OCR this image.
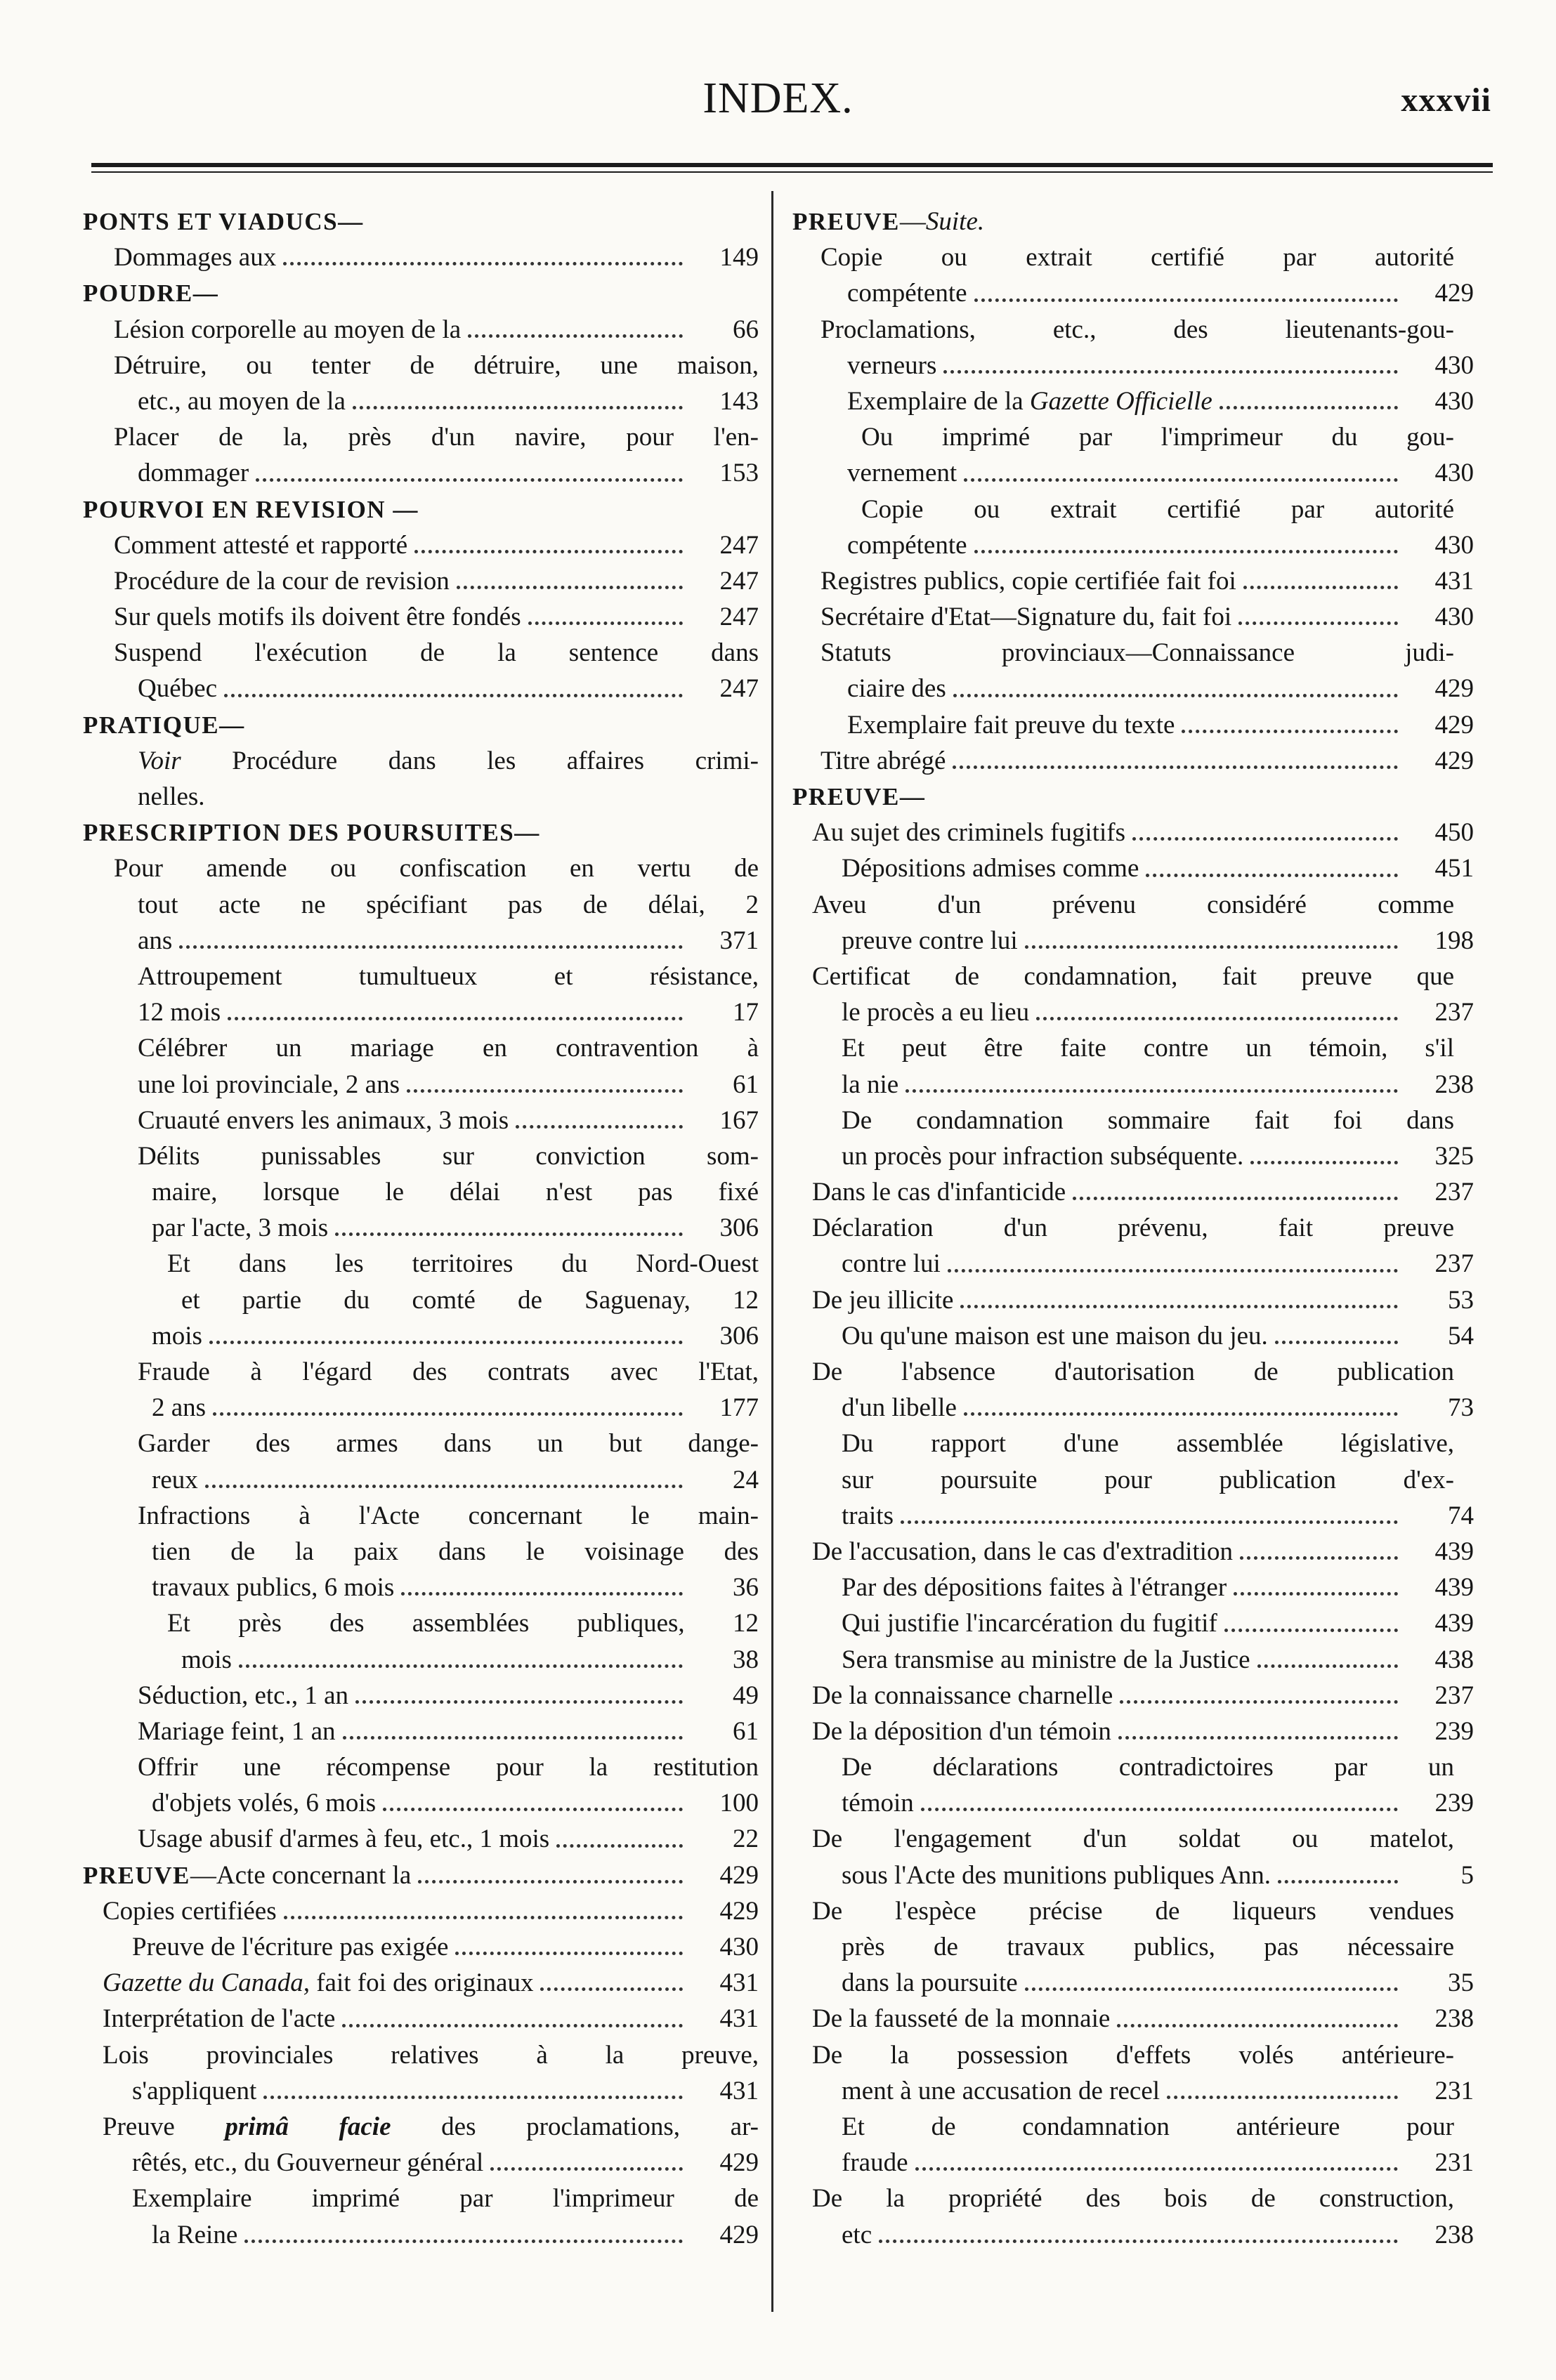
INDEX.	xxxvii
PONTS ET VIADUCS—
Dommages aux	149
POUDRE—
Lésion corporelle au moyen de la	66
Détruire, ou tenter de détruire, une maison,
etc., au moyen de la	143
Placer de la, près d'un navire, pour l'en-
dommager	153
POURVOI EN REVISION —
Comment attesté et rapporté	247
Procédure de la cour de revision	247
Sur quels motifs ils doivent être fondés	247
Suspend l'exécution de la sentence dans
Québec	247
PRATIQUE—
Voir Procédure dans les affaires crimi-
nelles.
PRESCRIPTION DES POURSUITES—
Pour amende ou confiscation en vertu de
tout acte ne spécifiant pas de délai, 2
ans	371
Attroupement tumultueux et résistance,
12 mois	17
Célébrer un mariage en contravention à
une loi provinciale, 2 ans	61
Cruauté envers les animaux, 3 mois	167
Délits punissables sur conviction som-
maire, lorsque le délai n'est pas fixé
par l'acte, 3 mois	306
Et dans les territoires du Nord-Ouest
et partie du comté de Saguenay, 12
mois	306
Fraude à l'égard des contrats avec l'Etat,
2 ans	177
Garder des armes dans un but dange-
reux	24
Infractions à l'Acte concernant le main-
tien de la paix dans le voisinage des
travaux publics, 6 mois	36
Et près des assemblées publiques, 12
mois	38
Séduction, etc., 1 an	49
Mariage feint, 1 an	61
Offrir une récompense pour la restitution
d'objets volés, 6 mois	100
Usage abusif d'armes à feu, etc., 1 mois	22
PREUVE—Acte concernant la	429
Copies certifiées	429
Preuve de l'écriture pas exigée	430
Gazette du Canada, fait foi des originaux	431
Interprétation de l'acte	431
Lois provinciales relatives à la preuve,
s'appliquent	431
Preuve primâ facie des proclamations, ar-
rêtés, etc., du Gouverneur général	429
Exemplaire imprimé par l'imprimeur de
la Reine	429
PREUVE—Suite.
Copie ou extrait certifié par autorité
compétente	429
Proclamations, etc., des lieutenants-gou-
verneurs	430
Exemplaire de la Gazette Officielle	430
Ou imprimé par l'imprimeur du gou-
vernement	430
Copie ou extrait certifié par autorité
compétente	430
Registres publics, copie certifiée fait foi	431
Secrétaire d'Etat—Signature du, fait foi	430
Statuts provinciaux—Connaissance judi-
ciaire des	429
Exemplaire fait preuve du texte	429
Titre abrégé	429
PREUVE—
Au sujet des criminels fugitifs	450
Dépositions admises comme	451
Aveu d'un prévenu considéré comme
preuve contre lui	198
Certificat de condamnation, fait preuve que
le procès a eu lieu	237
Et peut être faite contre un témoin, s'il
la nie	238
De condamnation sommaire fait foi dans
un procès pour infraction subséquente.	325
Dans le cas d'infanticide	237
Déclaration d'un prévenu, fait preuve
contre lui	237
De jeu illicite	53
Ou qu'une maison est une maison du jeu.	54
De l'absence d'autorisation de publication
d'un libelle	73
Du rapport d'une assemblée législative,
sur poursuite pour publication d'ex-
traits	74
De l'accusation, dans le cas d'extradition	439
Par des dépositions faites à l'étranger	439
Qui justifie l'incarcération du fugitif	439
Sera transmise au ministre de la Justice	438
De la connaissance charnelle	237
De la déposition d'un témoin	239
De déclarations contradictoires par un
témoin	239
De l'engagement d'un soldat ou matelot,
sous l'Acte des munitions publiques Ann.	5
De l'espèce précise de liqueurs vendues
près de travaux publics, pas nécessaire
dans la poursuite	35
De la fausseté de la monnaie	238
De la possession d'effets volés antérieure-
ment à une accusation de recel	231
Et de condamnation antérieure pour
fraude	231
De la propriété des bois de construction,
etc	238
